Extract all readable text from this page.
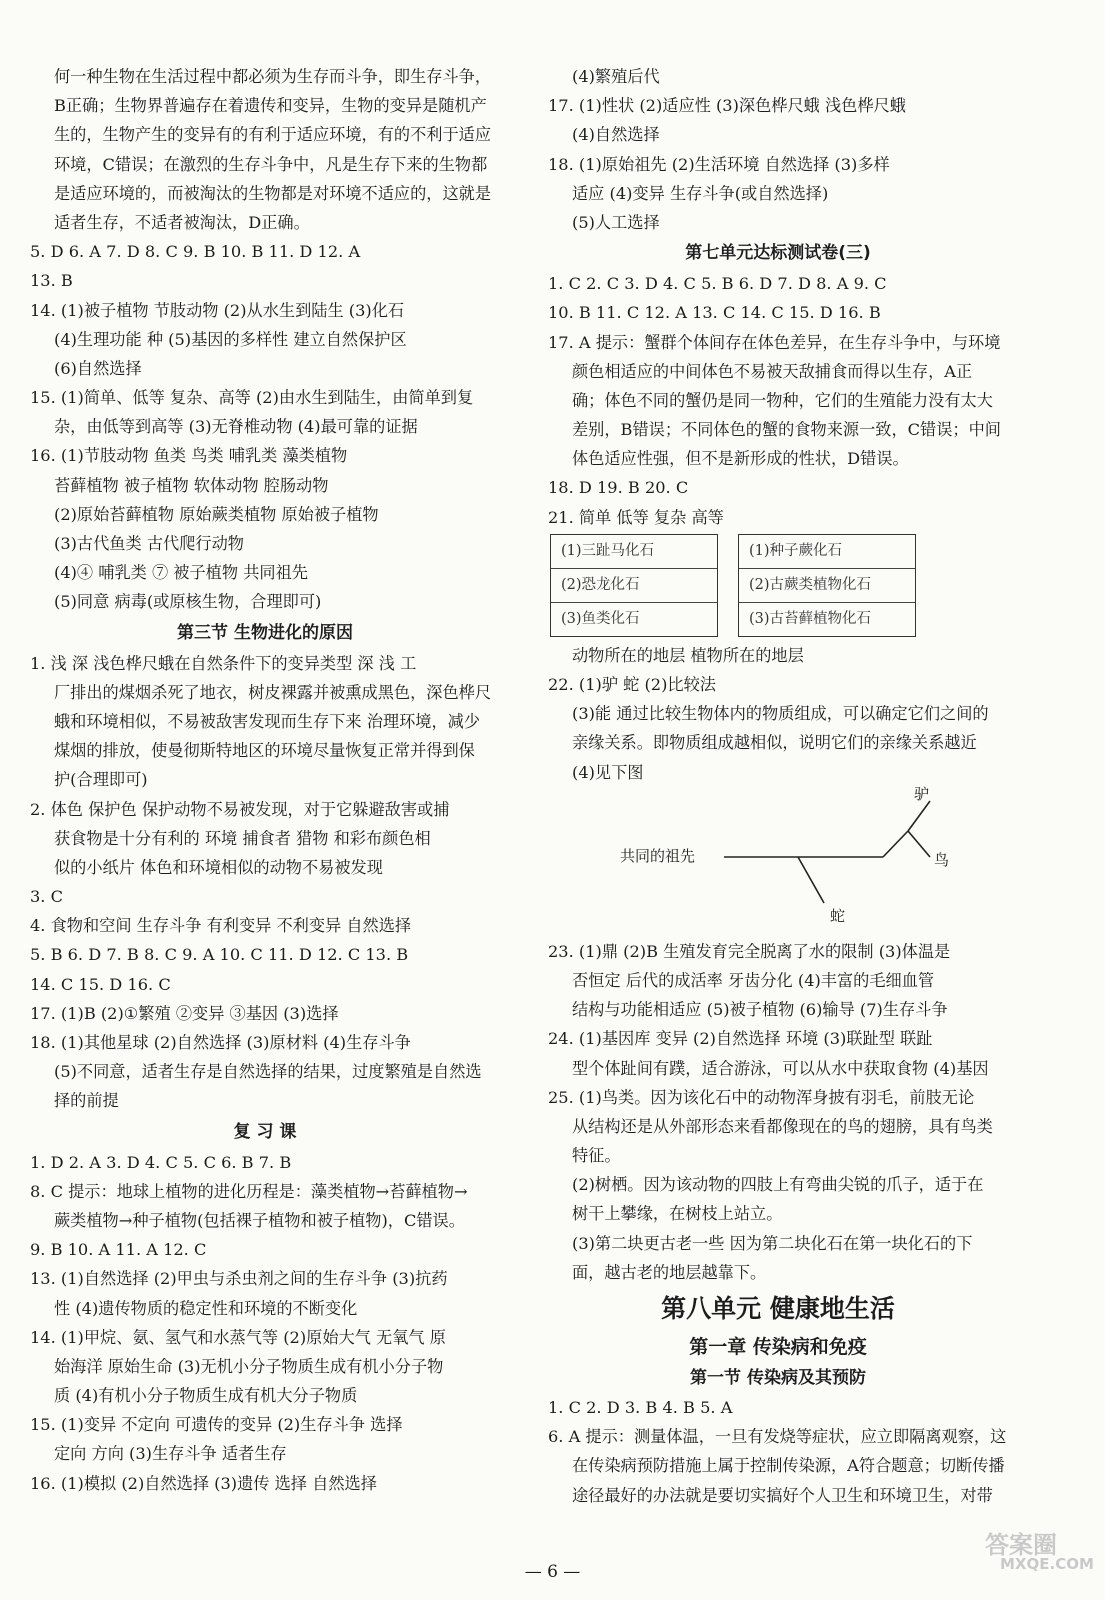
何一种生物在生活过程中都必须为生存而斗争，即生存斗争，
B正确；生物界普遍存在着遗传和变异，生物的变异是随机产
生的，生物产生的变异有的有利于适应环境，有的不利于适应
环境，C错误；在激烈的生存斗争中，凡是生存下来的生物都
是适应环境的，而被淘汰的生物都是对环境不适应的，这就是
适者生存，不适者被淘汰，D正确。
5. D 6. A 7. D 8. C 9. B 10. B 11. D 12. A
13. B
14. (1)被子植物 节肢动物 (2)从水生到陆生 (3)化石
(4)生理功能 种 (5)基因的多样性 建立自然保护区
(6)自然选择
15. (1)简单、低等 复杂、高等 (2)由水生到陆生，由简单到复
杂，由低等到高等 (3)无脊椎动物 (4)最可靠的证据
16. (1)节肢动物 鱼类 鸟类 哺乳类 藻类植物
苔藓植物 被子植物 软体动物 腔肠动物
(2)原始苔藓植物 原始蕨类植物 原始被子植物
(3)古代鱼类 古代爬行动物
(4)④ 哺乳类 ⑦ 被子植物 共同祖先
(5)同意 病毒(或原核生物，合理即可)
第三节 生物进化的原因
1. 浅 深 浅色桦尺蛾在自然条件下的变异类型 深 浅 工
厂排出的煤烟杀死了地衣，树皮裸露并被熏成黑色，深色桦尺
蛾和环境相似，不易被敌害发现而生存下来 治理环境，减少
煤烟的排放，使曼彻斯特地区的环境尽量恢复正常并得到保
护(合理即可)
2. 体色 保护色 保护动物不易被发现，对于它躲避敌害或捕
获食物是十分有利的 环境 捕食者 猎物 和彩布颜色相
似的小纸片 体色和环境相似的动物不易被发现
3. C
4. 食物和空间 生存斗争 有利变异 不利变异 自然选择
5. B 6. D 7. B 8. C 9. A 10. C 11. D 12. C 13. B
14. C 15. D 16. C
17. (1)B (2)①繁殖 ②变异 ③基因 (3)选择
18. (1)其他星球 (2)自然选择 (3)原材料 (4)生存斗争
(5)不同意，适者生存是自然选择的结果，过度繁殖是自然选
择的前提
复 习 课
1. D 2. A 3. D 4. C 5. C 6. B 7. B
8. C 提示：地球上植物的进化历程是：藻类植物→苔藓植物→
蕨类植物→种子植物(包括裸子植物和被子植物)，C错误。
9. B 10. A 11. A 12. C
13. (1)自然选择 (2)甲虫与杀虫剂之间的生存斗争 (3)抗药
性 (4)遗传物质的稳定性和环境的不断变化
14. (1)甲烷、氨、氢气和水蒸气等 (2)原始大气 无氧气 原
始海洋 原始生命 (3)无机小分子物质生成有机小分子物
质 (4)有机小分子物质生成有机大分子物质
15. (1)变异 不定向 可遗传的变异 (2)生存斗争 选择
定向 方向 (3)生存斗争 适者生存
16. (1)模拟 (2)自然选择 (3)遗传 选择 自然选择
(4)繁殖后代
17. (1)性状 (2)适应性 (3)深色桦尺蛾 浅色桦尺蛾
(4)自然选择
18. (1)原始祖先 (2)生活环境 自然选择 (3)多样
适应 (4)变异 生存斗争(或自然选择)
(5)人工选择
第七单元达标测试卷(三)
1. C 2. C 3. D 4. C 5. B 6. D 7. D 8. A 9. C
10. B 11. C 12. A 13. C 14. C 15. D 16. B
17. A 提示：蟹群个体间存在体色差异，在生存斗争中，与环境
颜色相适应的中间体色不易被天敌捕食而得以生存，A正
确；体色不同的蟹仍是同一物种，它们的生殖能力没有太大
差别，B错误；不同体色的蟹的食物来源一致，C错误；中间
体色适应性强，但不是新形成的性状，D错误。
18. D 19. B 20. C
21. 简单 低等 复杂 高等
(1)三趾马化石
(2)恐龙化石
(3)鱼类化石
(1)种子蕨化石
(2)古蕨类植物化石
(3)古苔藓植物化石
动物所在的地层 植物所在的地层
22. (1)驴 蛇 (2)比较法
(3)能 通过比较生物体内的物质组成，可以确定它们之间的
亲缘关系。即物质组成越相似，说明它们的亲缘关系越近
(4)见下图
共同的祖先
驴
鸟
蛇
23. (1)鼎 (2)B 生殖发育完全脱离了水的限制 (3)体温是
否恒定 后代的成活率 牙齿分化 (4)丰富的毛细血管
结构与功能相适应 (5)被子植物 (6)输导 (7)生存斗争
24. (1)基因库 变异 (2)自然选择 环境 (3)联趾型 联趾
型个体趾间有蹼，适合游泳，可以从水中获取食物 (4)基因
25. (1)鸟类。因为该化石中的动物浑身披有羽毛，前肢无论
从结构还是从外部形态来看都像现在的鸟的翅膀，具有鸟类
特征。
(2)树栖。因为该动物的四肢上有弯曲尖锐的爪子，适于在
树干上攀缘，在树枝上站立。
(3)第二块更古老一些 因为第二块化石在第一块化石的下
面，越古老的地层越靠下。
第八单元 健康地生活
第一章 传染病和免疫
第一节 传染病及其预防
1. C 2. D 3. B 4. B 5. A
6. A 提示：测量体温，一旦有发烧等症状，应立即隔离观察，这
在传染病预防措施上属于控制传染源，A符合题意；切断传播
途径最好的办法就是要切实搞好个人卫生和环境卫生，对带
— 6 —
答案圈
MXQE.COM
